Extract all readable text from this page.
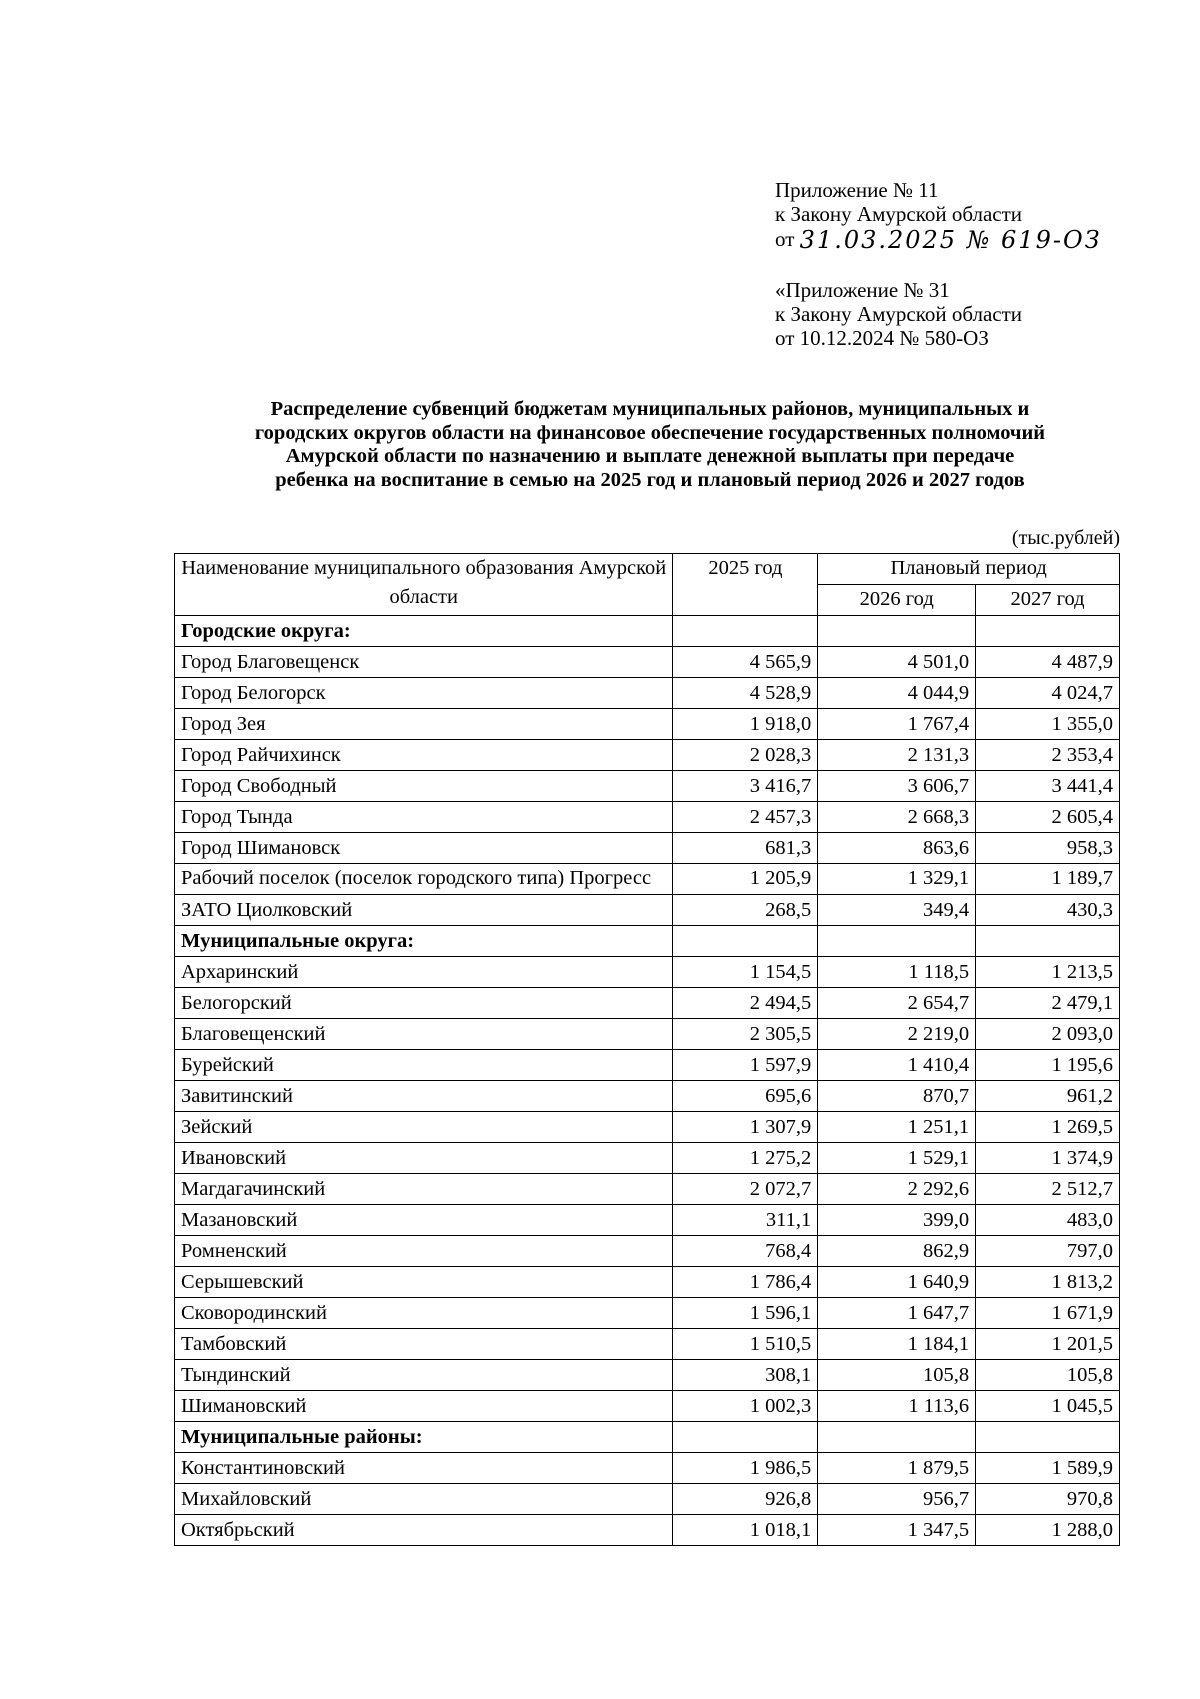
Приложение № 11
к Закону Амурской области
от 31.03.2025 № 619-ОЗ
«Приложение № 31
к Закону Амурской области
от 10.12.2024 № 580-ОЗ
Распределение субвенций бюджетам муниципальных районов, муниципальных и
городских округов области на финансовое обеспечение государственных полномочий
Амурской области по назначению и выплате денежной выплаты при передаче
ребенка на воспитание в семью на 2025 год и плановый период 2026 и 2027 годов
(тыс.рублей)
Наименование муниципального образования Амурской области	2025 год	Плановый период	
		2026 год	2027 год
Городские округа:			
Город Благовещенск	4 565,9	4 501,0	4 487,9
Город Белогорск	4 528,9	4 044,9	4 024,7
Город Зея	1 918,0	1 767,4	1 355,0
Город Райчихинск	2 028,3	2 131,3	2 353,4
Город Свободный	3 416,7	3 606,7	3 441,4
Город Тында	2 457,3	2 668,3	2 605,4
Город Шимановск	681,3	863,6	958,3
Рабочий поселок (поселок городского типа) Прогресс	1 205,9	1 329,1	1 189,7
ЗАТО Циолковский	268,5	349,4	430,3
Муниципальные округа:			
Архаринский	1 154,5	1 118,5	1 213,5
Белогорский	2 494,5	2 654,7	2 479,1
Благовещенский	2 305,5	2 219,0	2 093,0
Бурейский	1 597,9	1 410,4	1 195,6
Завитинский	695,6	870,7	961,2
Зейский	1 307,9	1 251,1	1 269,5
Ивановский	1 275,2	1 529,1	1 374,9
Магдагачинский	2 072,7	2 292,6	2 512,7
Мазановский	311,1	399,0	483,0
Ромненский	768,4	862,9	797,0
Серышевский	1 786,4	1 640,9	1 813,2
Сковородинский	1 596,1	1 647,7	1 671,9
Тамбовский	1 510,5	1 184,1	1 201,5
Тындинский	308,1	105,8	105,8
Шимановский	1 002,3	1 113,6	1 045,5
Муниципальные районы:			
Константиновский	1 986,5	1 879,5	1 589,9
Михайловский	926,8	956,7	970,8
Октябрьский	1 018,1	1 347,5	1 288,0
